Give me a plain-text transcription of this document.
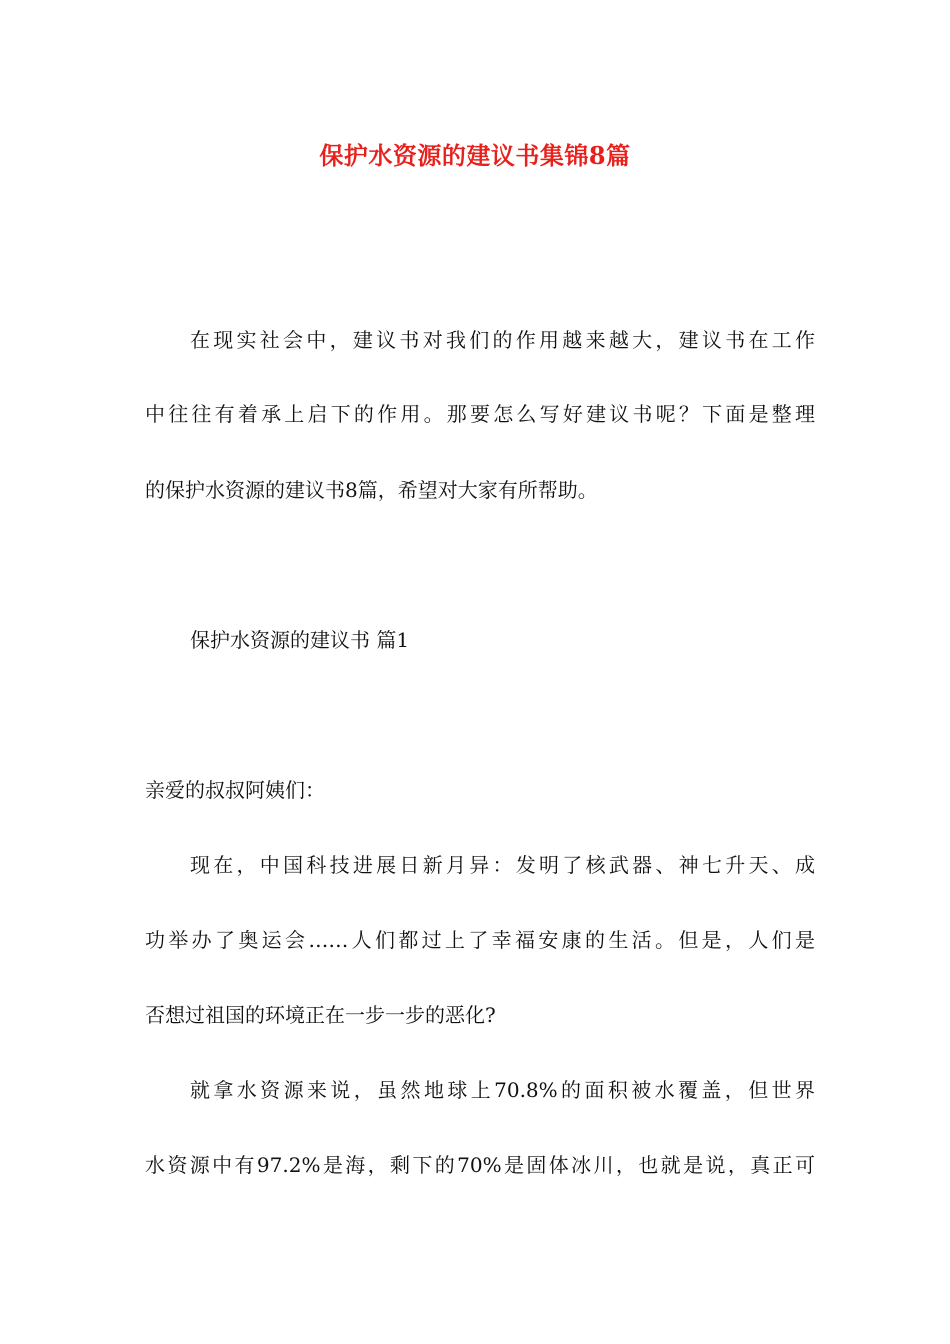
保护水资源的建议书集锦8篇
在现实社会中，建议书对我们的作用越来越大，建议书在工作
中往往有着承上启下的作用。那要怎么写好建议书呢？下面是整理
的保护水资源的建议书8篇，希望对大家有所帮助。
保护水资源的建议书 篇1
亲爱的叔叔阿姨们：
现在，中国科技进展日新月异：发明了核武器、神七升天、成
功举办了奥运会……人们都过上了幸福安康的生活。但是，人们是
否想过祖国的环境正在一步一步的恶化?
就拿水资源来说，虽然地球上70.8%的面积被水覆盖，但世界
水资源中有97.2%是海，剩下的70%是固体冰川，也就是说，真正可
